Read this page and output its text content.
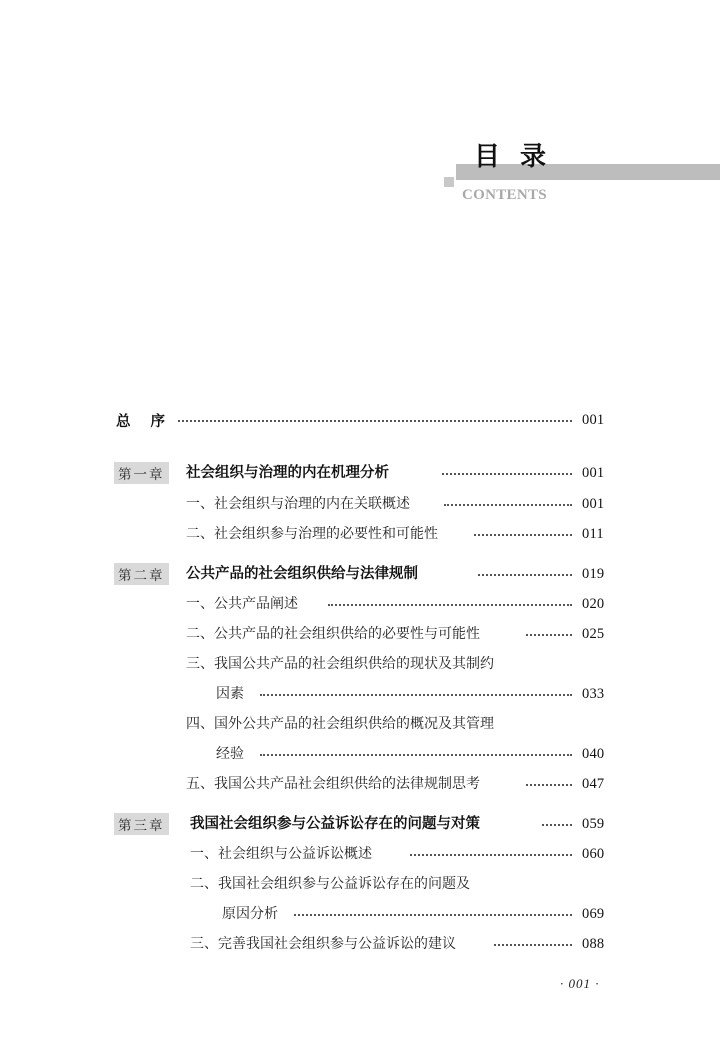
目录
CONTENTS
总序	001
第一章 社会组织与治理的内在机理分析	001
一、社会组织与治理的内在关联概述	001
二、社会组织参与治理的必要性和可能性	011
第二章 公共产品的社会组织供给与法律规制	019
一、公共产品阐述	020
二、公共产品的社会组织供给的必要性与可能性	025
三、我国公共产品的社会组织供给的现状及其制约
因素	033
四、国外公共产品的社会组织供给的概况及其管理
经验	040
五、我国公共产品社会组织供给的法律规制思考	047
第三章 我国社会组织参与公益诉讼存在的问题与对策	059
一、社会组织与公益诉讼概述	060
二、我国社会组织参与公益诉讼存在的问题及
原因分析	069
三、完善我国社会组织参与公益诉讼的建议	088
· 001 ·
